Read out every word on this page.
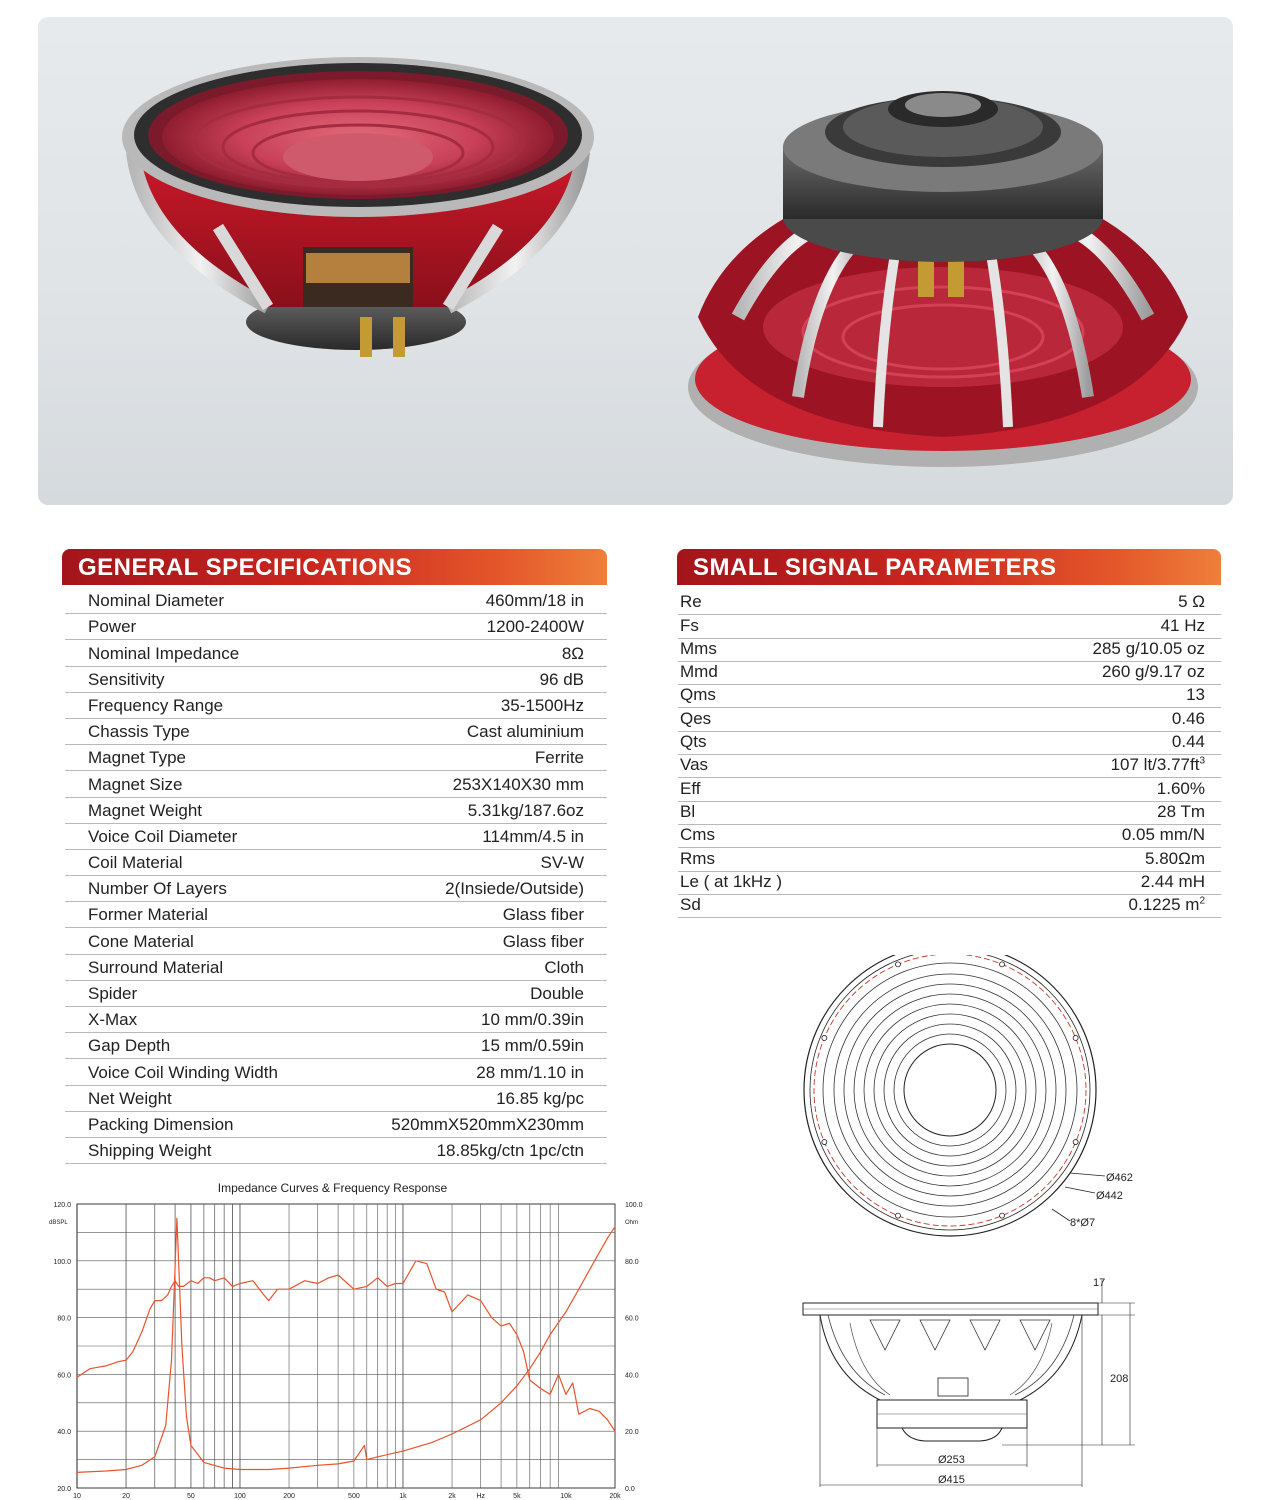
GENERAL SPECIFICATIONS
Nominal Diameter	460mm/18 in
Power	1200-2400W
Nominal Impedance	8Ω
Sensitivity	96 dB
Frequency Range	35-1500Hz
Chassis Type	Cast aluminium
Magnet Type	Ferrite
Magnet Size	253X140X30 mm
Magnet Weight	5.31kg/187.6oz
Voice Coil Diameter	114mm/4.5 in
Coil Material	SV-W
Number Of Layers	2(Insiede/Outside)
Former Material	Glass fiber
Cone Material	Glass fiber
Surround Material	Cloth
Spider	Double
X-Max	10 mm/0.39in
Gap Depth	15 mm/0.59in
Voice Coil Winding Width	28 mm/1.10 in
Net Weight	16.85 kg/pc
Packing Dimension	520mmX520mmX230mm
Shipping Weight	18.85kg/ctn 1pc/ctn
SMALL SIGNAL PARAMETERS
Re	5 Ω
Fs	41 Hz
Mms	285 g/10.05 oz
Mmd	260 g/9.17 oz
Qms	13
Qes	0.46
Qts	0.44
Vas	107 $lt/3.77ft^3$
Eff	1.60%
Bl	28 Tm
Cms	0.05 mm/N
Rms	5.80Ωm
Le ( at 1kHz )	2.44 mH
Sd	0.1225 $m^2$
Impedance Curves & Frequency Response
20.0
40.0
60.0
80.0
100.0
120.0
0.0
20.0
40.0
60.0
80.0
100.0
dBSPL	Ohm
10	20	50	100	200	500	1k	2k	5k	10k	20k
Hz
Ø462
Ø442
8*Ø7
17
208
Ø253
Ø415
